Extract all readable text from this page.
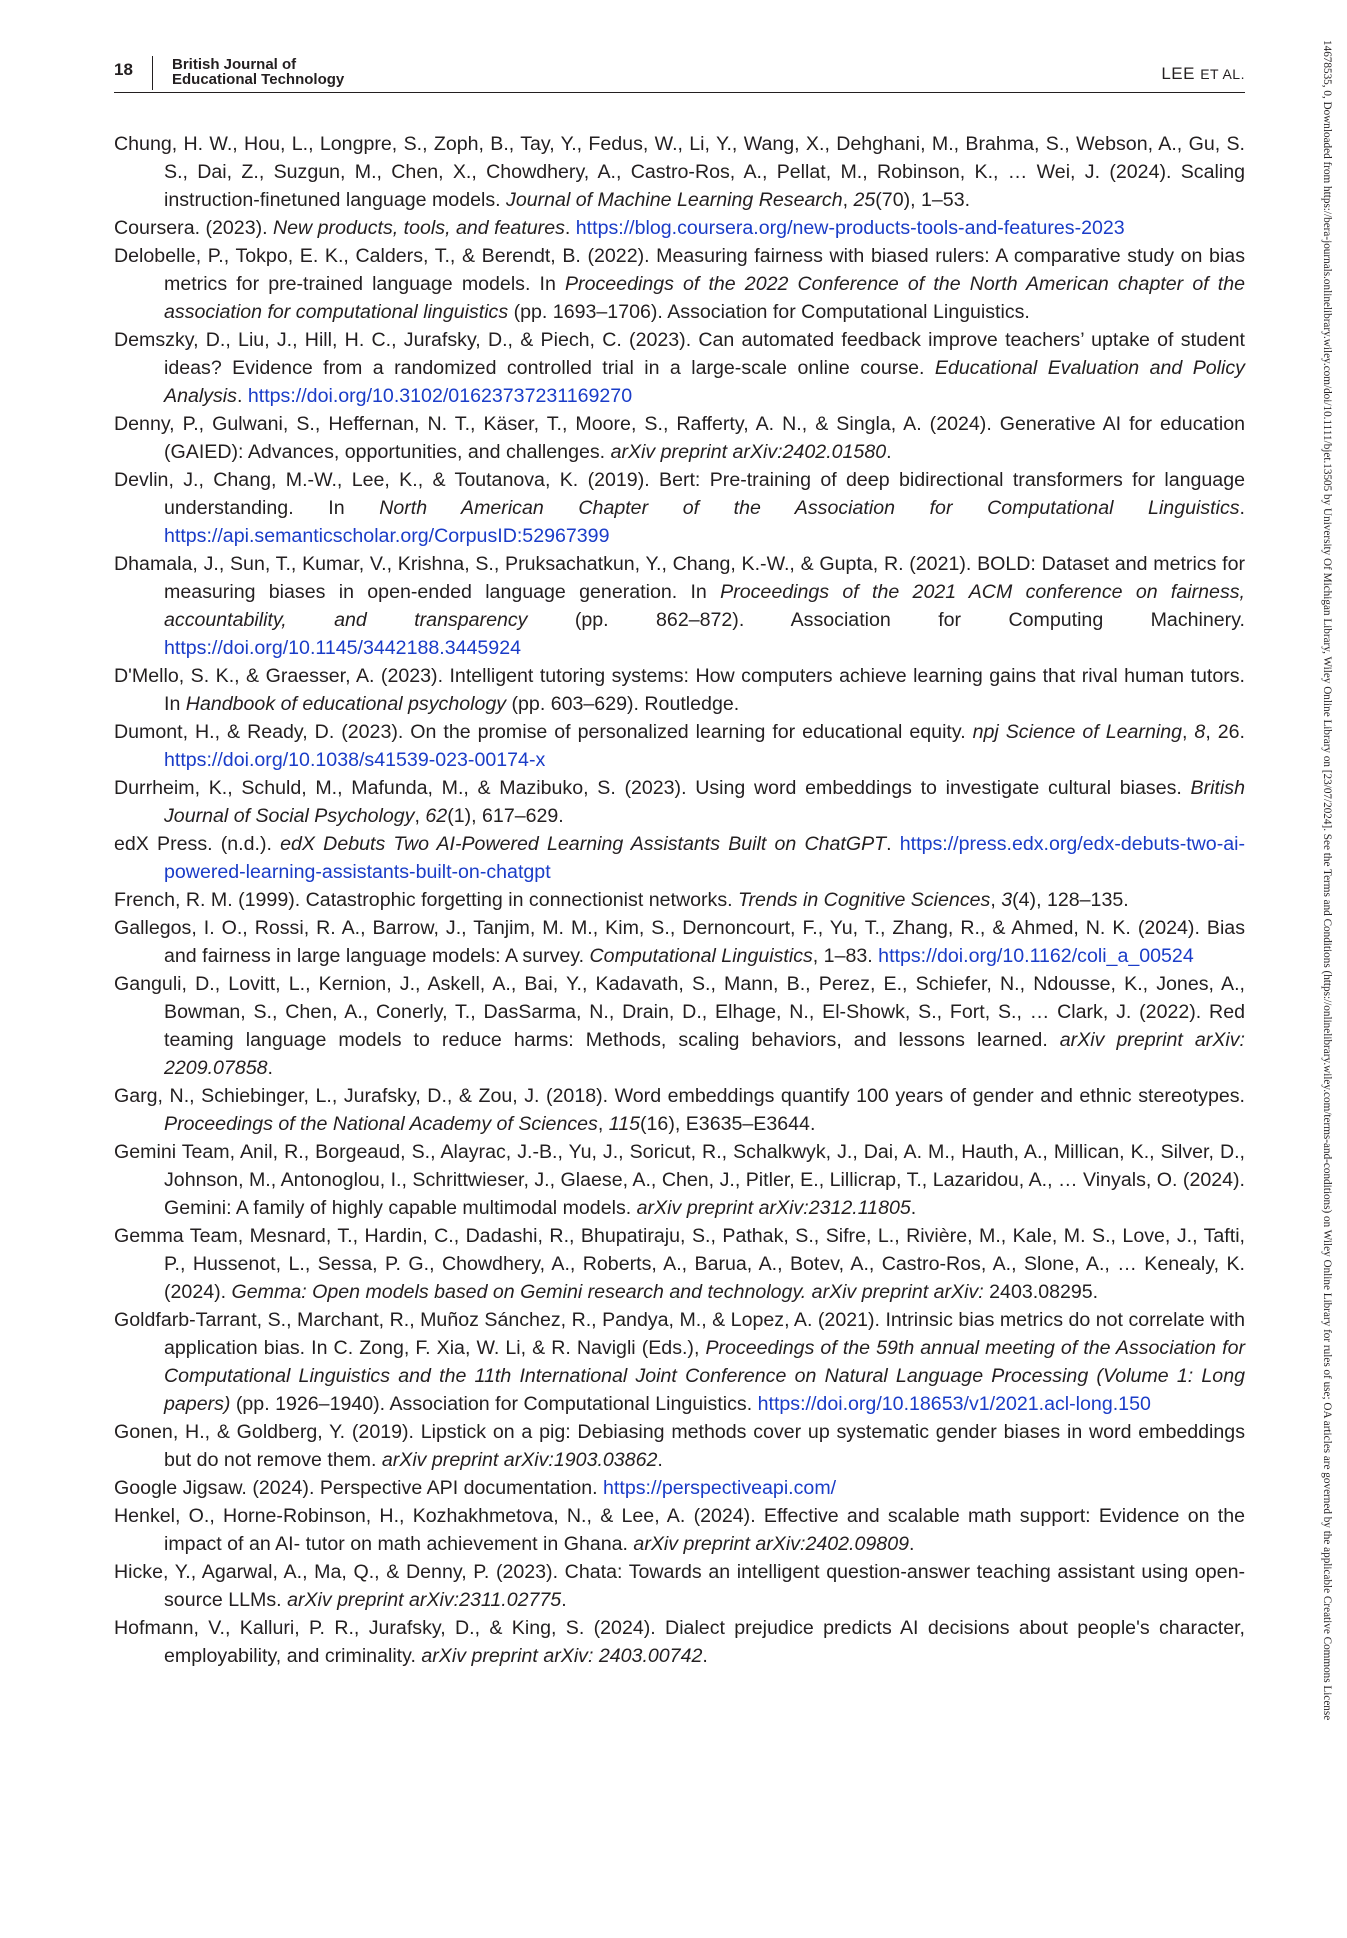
18	British Journal of
Educational Technology	LEE ET AL.

Chung, H. W., Hou, L., Longpre, S., Zoph, B., Tay, Y., Fedus, W., Li, Y., Wang, X., Dehghani, M., Brahma, S., Webson, A., Gu, S. S., Dai, Z., Suzgun, M., Chen, X., Chowdhery, A., Castro-Ros, A., Pellat, M., Robinson, K., … Wei, J. (2024). Scaling instruction-finetuned language models. Journal of Machine Learning Research, 25(70), 1–53.

Coursera. (2023). New products, tools, and features. https://blog.coursera.org/new-products-tools-and-features-2023

Delobelle, P., Tokpo, E. K., Calders, T., & Berendt, B. (2022). Measuring fairness with biased rulers: A comparative study on bias metrics for pre-trained language models. In Proceedings of the 2022 Conference of the North American chapter of the association for computational linguistics (pp. 1693–1706). Association for Computational Linguistics.

Demszky, D., Liu, J., Hill, H. C., Jurafsky, D., & Piech, C. (2023). Can automated feedback improve teachers’ uptake of student ideas? Evidence from a randomized controlled trial in a large-scale online course. Educational Evaluation and Policy Analysis. https://doi.org/10.3102/01623737231169270

Denny, P., Gulwani, S., Heffernan, N. T., Käser, T., Moore, S., Rafferty, A. N., & Singla, A. (2024). Generative AI for education (GAIED): Advances, opportunities, and challenges. arXiv preprint arXiv:2402.01580.

Devlin, J., Chang, M.-W., Lee, K., & Toutanova, K. (2019). Bert: Pre-training of deep bidirectional transformers for language understanding. In North American Chapter of the Association for Computational Linguistics. https://api.semanticscholar.org/CorpusID:52967399

Dhamala, J., Sun, T., Kumar, V., Krishna, S., Pruksachatkun, Y., Chang, K.-W., & Gupta, R. (2021). BOLD: Dataset and metrics for measuring biases in open-ended language generation. In Proceedings of the 2021 ACM conference on fairness, accountability, and transparency (pp. 862–872). Association for Computing Machinery. https://doi.org/10.1145/3442188.3445924

D'Mello, S. K., & Graesser, A. (2023). Intelligent tutoring systems: How computers achieve learning gains that rival human tutors. In Handbook of educational psychology (pp. 603–629). Routledge.

Dumont, H., & Ready, D. (2023). On the promise of personalized learning for educational equity. npj Science of Learning, 8, 26. https://doi.org/10.1038/s41539-023-00174-x

Durrheim, K., Schuld, M., Mafunda, M., & Mazibuko, S. (2023). Using word embeddings to investigate cultural biases. British Journal of Social Psychology, 62(1), 617–629.

edX Press. (n.d.). edX Debuts Two AI-Powered Learning Assistants Built on ChatGPT. https://press.edx.org/edx-debuts-two-ai-powered-learning-assistants-built-on-chatgpt

French, R. M. (1999). Catastrophic forgetting in connectionist networks. Trends in Cognitive Sciences, 3(4), 128–135.

Gallegos, I. O., Rossi, R. A., Barrow, J., Tanjim, M. M., Kim, S., Dernoncourt, F., Yu, T., Zhang, R., & Ahmed, N. K. (2024). Bias and fairness in large language models: A survey. Computational Linguistics, 1–83. https://doi.org/10.1162/coli_a_00524

Ganguli, D., Lovitt, L., Kernion, J., Askell, A., Bai, Y., Kadavath, S., Mann, B., Perez, E., Schiefer, N., Ndousse, K., Jones, A., Bowman, S., Chen, A., Conerly, T., DasSarma, N., Drain, D., Elhage, N., El-Showk, S., Fort, S., … Clark, J. (2022). Red teaming language models to reduce harms: Methods, scaling behaviors, and lessons learned. arXiv preprint arXiv: 2209.07858.

Garg, N., Schiebinger, L., Jurafsky, D., & Zou, J. (2018). Word embeddings quantify 100 years of gender and ethnic stereotypes. Proceedings of the National Academy of Sciences, 115(16), E3635–E3644.

Gemini Team, Anil, R., Borgeaud, S., Alayrac, J.-B., Yu, J., Soricut, R., Schalkwyk, J., Dai, A. M., Hauth, A., Millican, K., Silver, D., Johnson, M., Antonoglou, I., Schrittwieser, J., Glaese, A., Chen, J., Pitler, E., Lillicrap, T., Lazaridou, A., … Vinyals, O. (2024). Gemini: A family of highly capable multimodal models. arXiv preprint arXiv:2312.11805.

Gemma Team, Mesnard, T., Hardin, C., Dadashi, R., Bhupatiraju, S., Pathak, S., Sifre, L., Rivière, M., Kale, M. S., Love, J., Tafti, P., Hussenot, L., Sessa, P. G., Chowdhery, A., Roberts, A., Barua, A., Botev, A., Castro-Ros, A., Slone, A., … Kenealy, K. (2024). Gemma: Open models based on Gemini research and technology. arXiv preprint arXiv: 2403.08295.

Goldfarb-Tarrant, S., Marchant, R., Muñoz Sánchez, R., Pandya, M., & Lopez, A. (2021). Intrinsic bias metrics do not correlate with application bias. In C. Zong, F. Xia, W. Li, & R. Navigli (Eds.), Proceedings of the 59th annual meeting of the Association for Computational Linguistics and the 11th International Joint Conference on Natural Language Processing (Volume 1: Long papers) (pp. 1926–1940). Association for Computational Linguistics. https://doi.org/10.18653/v1/2021.acl-long.150

Gonen, H., & Goldberg, Y. (2019). Lipstick on a pig: Debiasing methods cover up systematic gender biases in word embeddings but do not remove them. arXiv preprint arXiv:1903.03862.

Google Jigsaw. (2024). Perspective API documentation. https://perspectiveapi.com/

Henkel, O., Horne-Robinson, H., Kozhakhmetova, N., & Lee, A. (2024). Effective and scalable math support: Evidence on the impact of an AI- tutor on math achievement in Ghana. arXiv preprint arXiv:2402.09809.

Hicke, Y., Agarwal, A., Ma, Q., & Denny, P. (2023). Chata: Towards an intelligent question-answer teaching assistant using open-source LLMs. arXiv preprint arXiv:2311.02775.

Hofmann, V., Kalluri, P. R., Jurafsky, D., & King, S. (2024). Dialect prejudice predicts AI decisions about people's character, employability, and criminality. arXiv preprint arXiv: 2403.00742.	14678535, 0, Downloaded from https://bera-journals.onlinelibrary.wiley.com/doi/10.1111/bjet.13505 by University Of Michigan Library, Wiley Online Library on [23/07/2024]. See the Terms and Conditions (https://onlinelibrary.wiley.com/terms-and-conditions) on Wiley Online Library for rules of use; OA articles are governed by the applicable Creative Commons License
